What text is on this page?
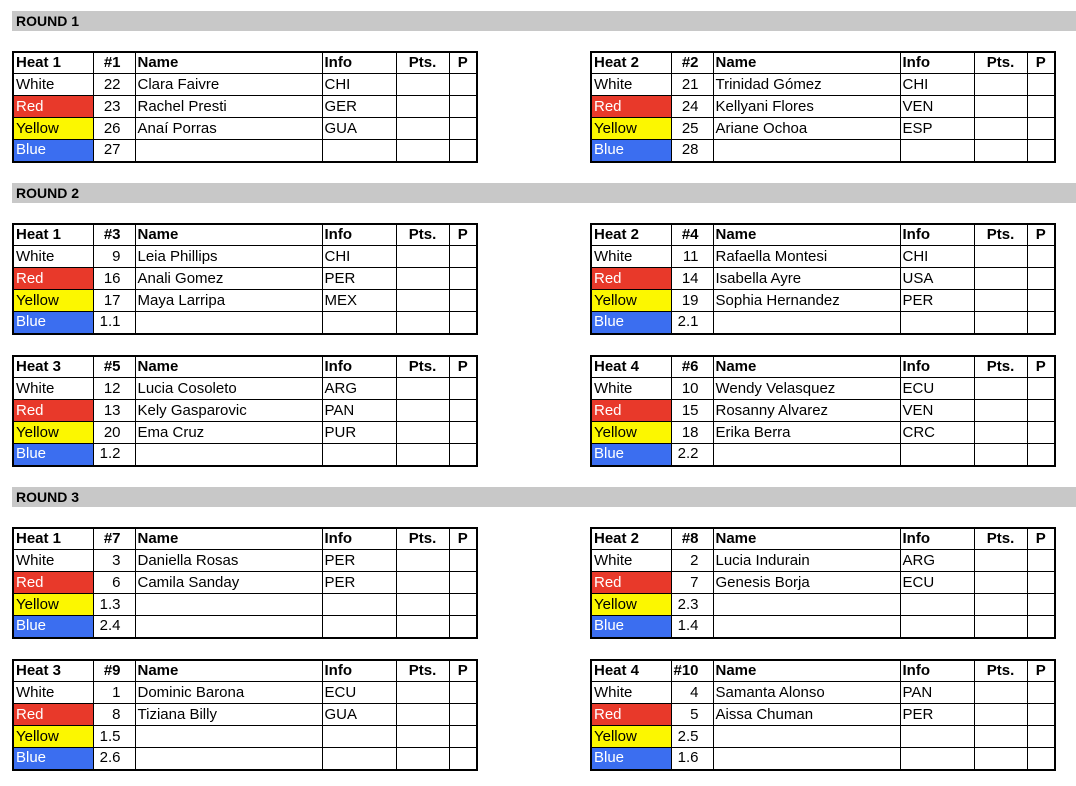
ROUND 1
Heat 1	#1	Name	Info	Pts.	P
White	22	Clara Faivre	CHI		
Red	23	Rachel Presti	GER		
Yellow	26	Anaí Porras	GUA		
Blue	27				
Heat 2	#2	Name	Info	Pts.	P
White	21	Trinidad Gómez	CHI		
Red	24	Kellyani Flores	VEN		
Yellow	25	Ariane Ochoa	ESP		
Blue	28				
ROUND 2
Heat 1	#3	Name	Info	Pts.	P
White	9	Leia Phillips	CHI		
Red	16	Anali Gomez	PER		
Yellow	17	Maya Larripa	MEX		
Blue	1.1				
Heat 2	#4	Name	Info	Pts.	P
White	11	Rafaella Montesi	CHI		
Red	14	Isabella Ayre	USA		
Yellow	19	Sophia Hernandez	PER		
Blue	2.1				
Heat 3	#5	Name	Info	Pts.	P
White	12	Lucia Cosoleto	ARG		
Red	13	Kely Gasparovic	PAN		
Yellow	20	Ema Cruz	PUR		
Blue	1.2				
Heat 4	#6	Name	Info	Pts.	P
White	10	Wendy Velasquez	ECU		
Red	15	Rosanny Alvarez	VEN		
Yellow	18	Erika Berra	CRC		
Blue	2.2				
ROUND 3
Heat 1	#7	Name	Info	Pts.	P
White	3	Daniella Rosas	PER		
Red	6	Camila Sanday	PER		
Yellow	1.3				
Blue	2.4				
Heat 2	#8	Name	Info	Pts.	P
White	2	Lucia Indurain	ARG		
Red	7	Genesis Borja	ECU		
Yellow	2.3				
Blue	1.4				
Heat 3	#9	Name	Info	Pts.	P
White	1	Dominic Barona	ECU		
Red	8	Tiziana Billy	GUA		
Yellow	1.5				
Blue	2.6				
Heat 4	#10	Name	Info	Pts.	P
White	4	Samanta Alonso	PAN		
Red	5	Aissa Chuman	PER		
Yellow	2.5				
Blue	1.6				
